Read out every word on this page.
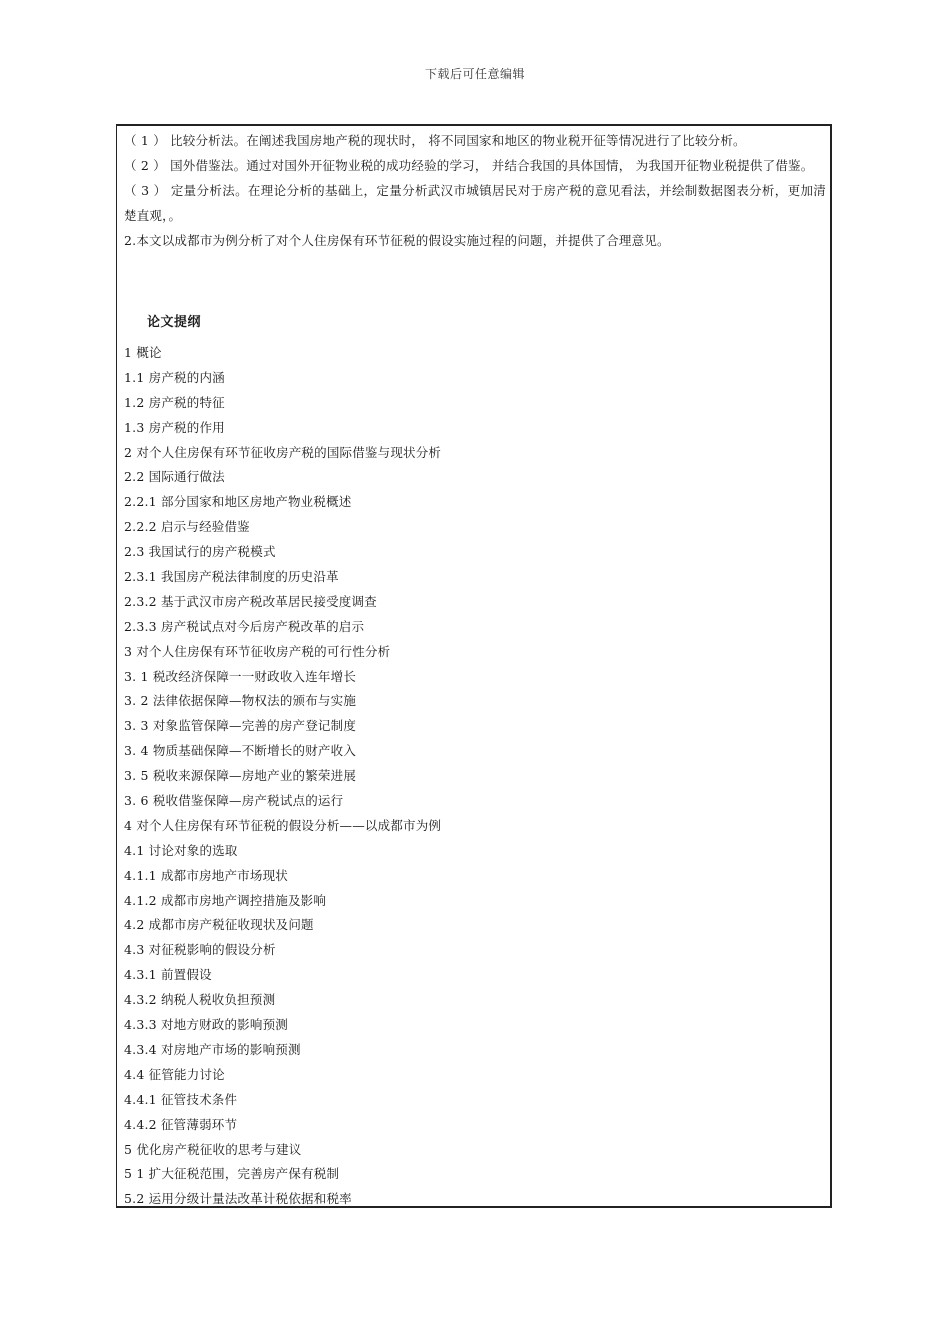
下载后可任意编辑

（ 1 ） 比较分析法。在阐述我国房地产税的现状时， 将不同国家和地区的物业税开征等情况进行了比较分析。

（ 2 ） 国外借鉴法。通过对国外开征物业税的成功经验的学习， 并结合我国的具体国情， 为我国开征物业税提供了借鉴。

（ 3 ） 定量分析法。在理论分析的基础上，定量分析武汉市城镇居民对于房产税的意见看法，并绘制数据图表分析，更加清楚直观，。

2.本文以成都市为例分析了对个人住房保有环节征税的假设实施过程的问题，并提供了合理意见。

论文提纲
1 概论
1.1 房产税的内涵
1.2 房产税的特征
1.3 房产税的作用
2 对个人住房保有环节征收房产税的国际借鉴与现状分析
2.2 国际通行做法
2.2.1 部分国家和地区房地产物业税概述
2.2.2 启示与经验借鉴
2.3 我国试行的房产税模式
2.3.1 我国房产税法律制度的历史沿革
2.3.2 基于武汉市房产税改革居民接受度调查
2.3.3 房产税试点对今后房产税改革的启示
3 对个人住房保有环节征收房产税的可行性分析
3. 1 税改经济保障一一财政收入连年增长
3. 2 法律依据保障—物权法的颁布与实施
3. 3 对象监管保障—完善的房产登记制度
3. 4 物质基础保障—不断增长的财产收入
3. 5 税收来源保障—房地产业的繁荣进展
3. 6 税收借鉴保障—房产税试点的运行
4 对个人住房保有环节征税的假设分析——以成都市为例
4.1 讨论对象的选取
4.1.1 成都市房地产市场现状
4.1.2 成都市房地产调控措施及影响
4.2 成都市房产税征收现状及问题
4.3 对征税影响的假设分析
4.3.1 前置假设
4.3.2 纳税人税收负担预测
4.3.3 对地方财政的影响预测
4.3.4 对房地产市场的影响预测
4.4 征管能力讨论
4.4.1 征管技术条件
4.4.2 征管薄弱环节
5 优化房产税征收的思考与建议
5 1 扩大征税范围，完善房产保有税制
5.2 运用分级计量法改革计税依据和税率
